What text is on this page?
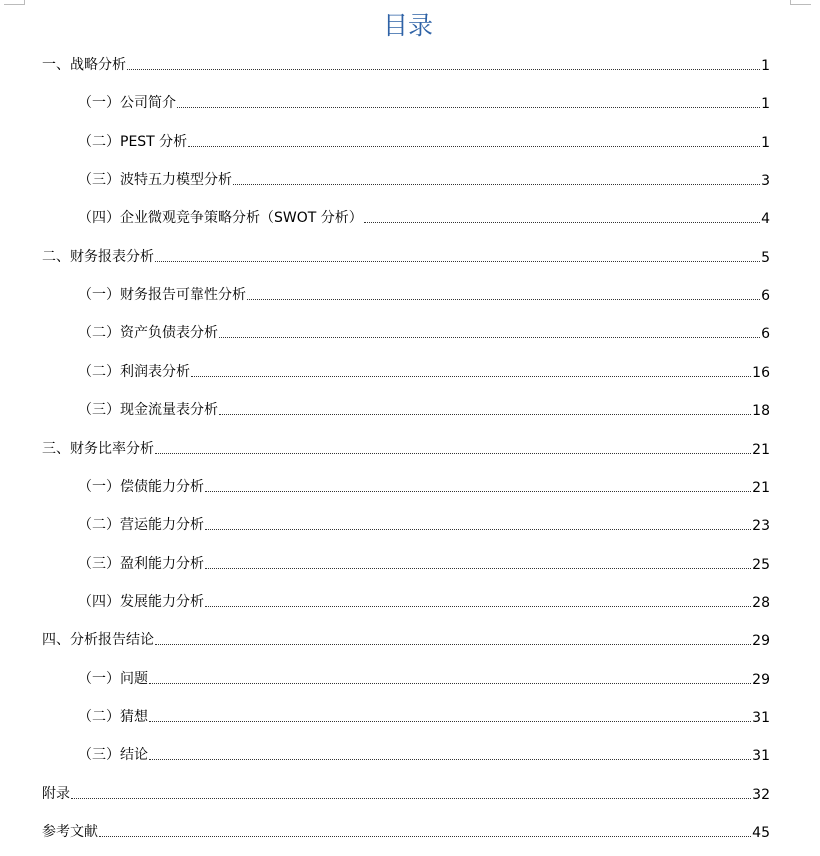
目录
一、战略分析	1
（一）公司简介	1
（二）PEST 分析	1
（三）波特五力模型分析	3
（四）企业微观竞争策略分析（SWOT 分析）	4
二、财务报表分析	5
（一）财务报告可靠性分析	6
（二）资产负债表分析	6
（二）利润表分析	16
（三）现金流量表分析	18
三、财务比率分析	21
（一）偿债能力分析	21
（二）营运能力分析	23
（三）盈利能力分析	25
（四）发展能力分析	28
四、分析报告结论	29
（一）问题	29
（二）猜想	31
（三）结论	31
附录	32
参考文献	45
